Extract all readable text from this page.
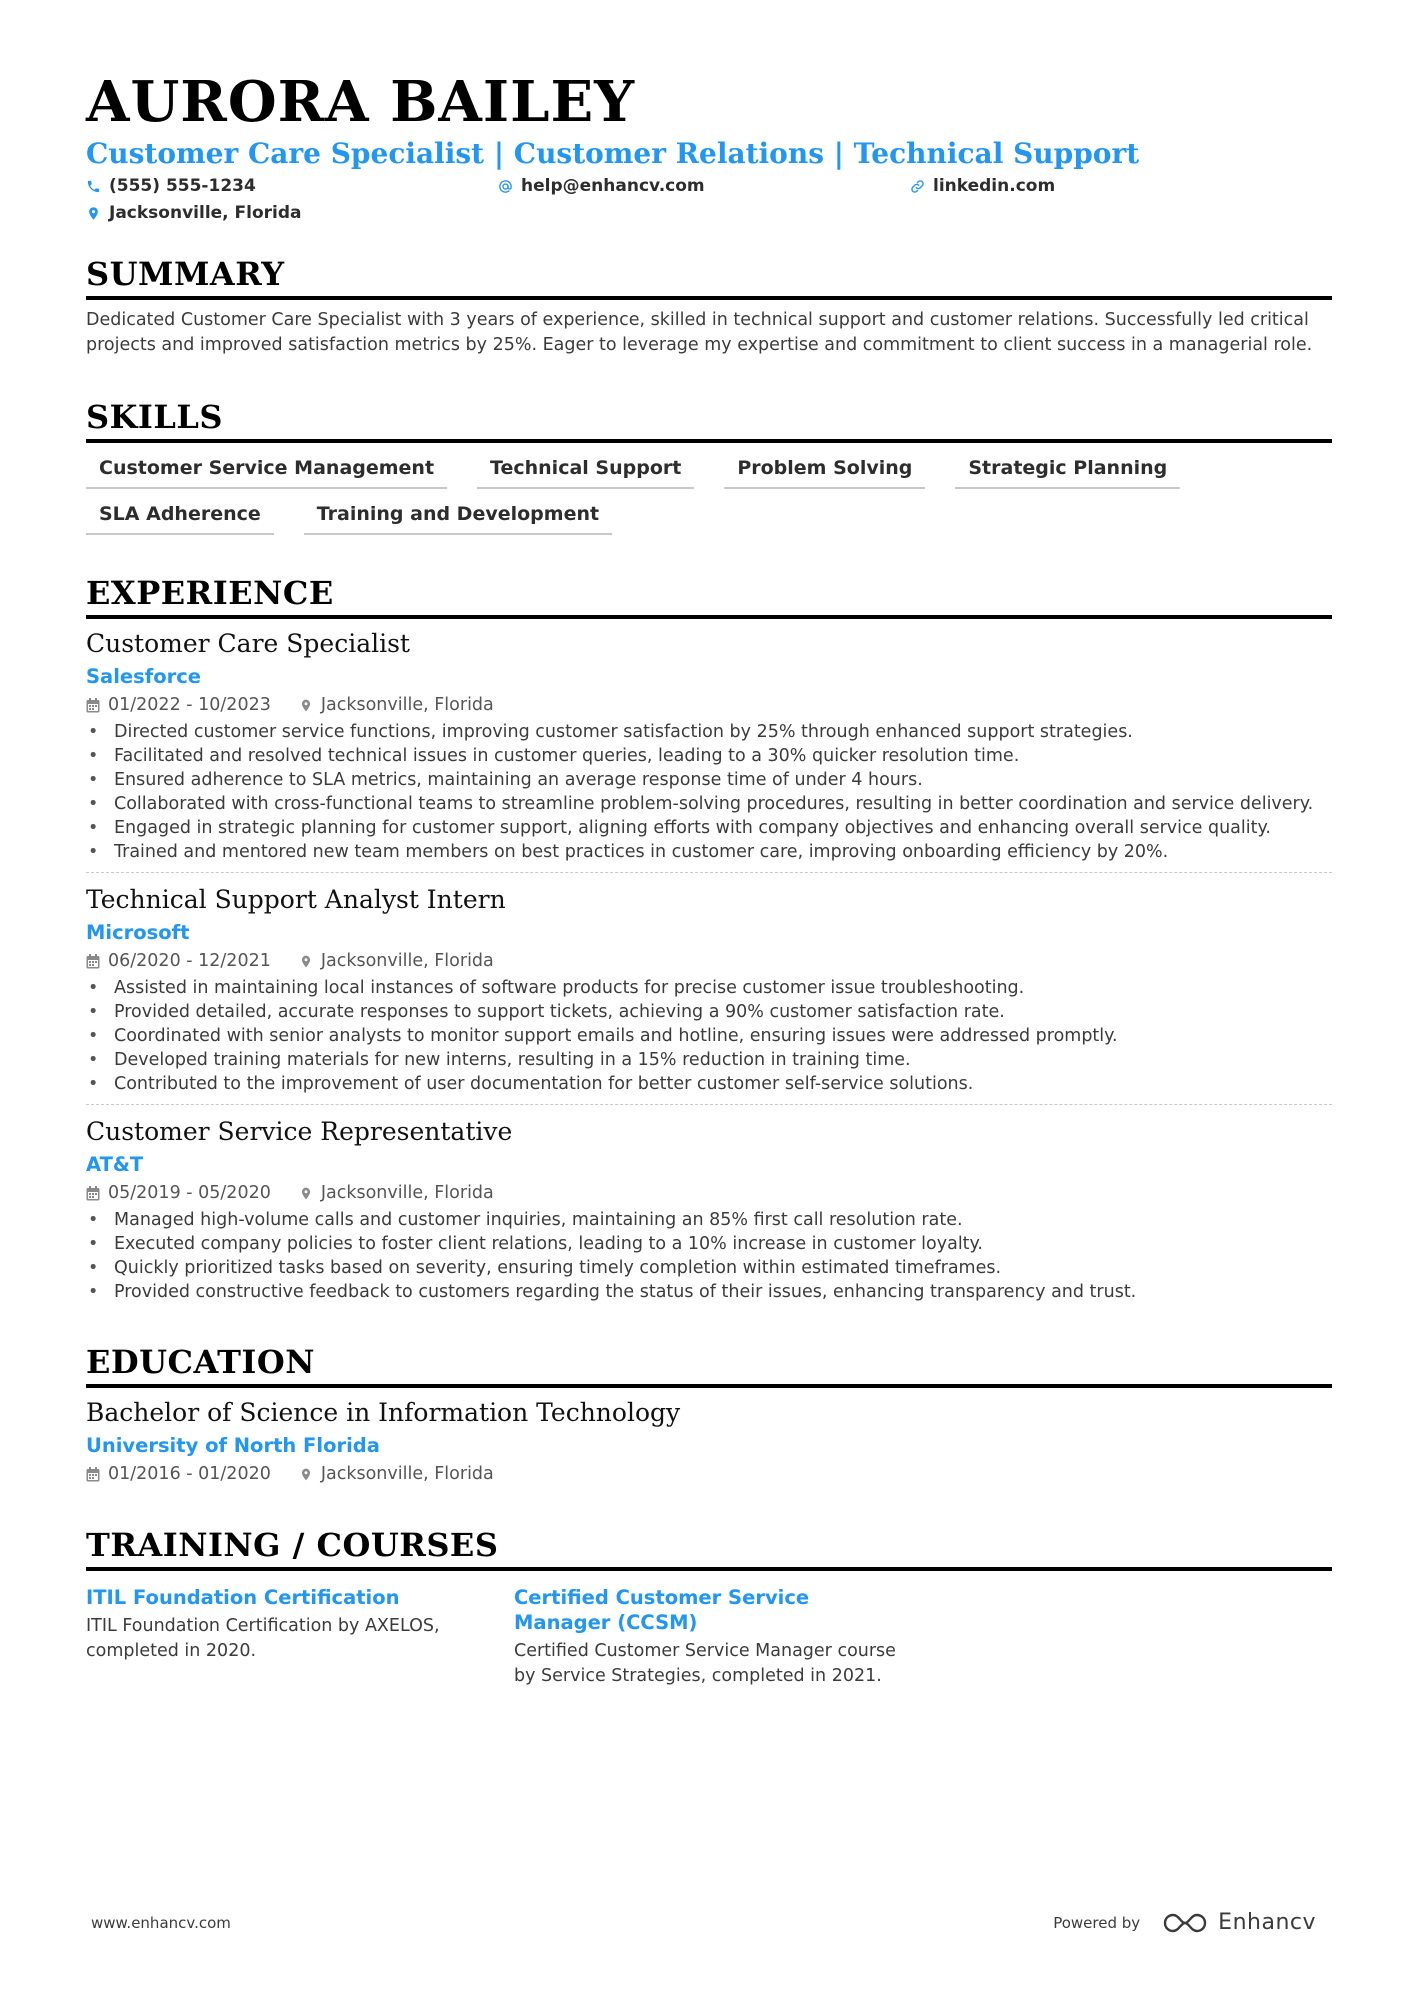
AURORA BAILEY
Customer Care Specialist | Customer Relations | Technical Support
(555) 555-1234	help@enhancv.com	linkedin.com
Jacksonville, Florida
SUMMARY
Dedicated Customer Care Specialist with 3 years of experience, skilled in technical support and customer relations. Successfully led critical projects and improved satisfaction metrics by 25%. Eager to leverage my expertise and commitment to client success in a managerial role.
SKILLS
Customer Service Management	Technical Support	Problem Solving	Strategic Planning
SLA Adherence	Training and Development
EXPERIENCE
Customer Care Specialist
Salesforce
01/2022 - 10/2023	Jacksonville, Florida
• Directed customer service functions, improving customer satisfaction by 25% through enhanced support strategies.
• Facilitated and resolved technical issues in customer queries, leading to a 30% quicker resolution time.
• Ensured adherence to SLA metrics, maintaining an average response time of under 4 hours.
• Collaborated with cross-functional teams to streamline problem-solving procedures, resulting in better coordination and service delivery.
• Engaged in strategic planning for customer support, aligning efforts with company objectives and enhancing overall service quality.
• Trained and mentored new team members on best practices in customer care, improving onboarding efficiency by 20%.
Technical Support Analyst Intern
Microsoft
06/2020 - 12/2021	Jacksonville, Florida
• Assisted in maintaining local instances of software products for precise customer issue troubleshooting.
• Provided detailed, accurate responses to support tickets, achieving a 90% customer satisfaction rate.
• Coordinated with senior analysts to monitor support emails and hotline, ensuring issues were addressed promptly.
• Developed training materials for new interns, resulting in a 15% reduction in training time.
• Contributed to the improvement of user documentation for better customer self-service solutions.
Customer Service Representative
AT&T
05/2019 - 05/2020	Jacksonville, Florida
• Managed high-volume calls and customer inquiries, maintaining an 85% first call resolution rate.
• Executed company policies to foster client relations, leading to a 10% increase in customer loyalty.
• Quickly prioritized tasks based on severity, ensuring timely completion within estimated timeframes.
• Provided constructive feedback to customers regarding the status of their issues, enhancing transparency and trust.
EDUCATION
Bachelor of Science in Information Technology
University of North Florida
01/2016 - 01/2020	Jacksonville, Florida
TRAINING / COURSES
ITIL Foundation Certification
ITIL Foundation Certification by AXELOS, completed in 2020.
Certified Customer Service Manager (CCSM)
Certified Customer Service Manager course by Service Strategies, completed in 2021.
www.enhancv.com	Powered by	Enhancv
